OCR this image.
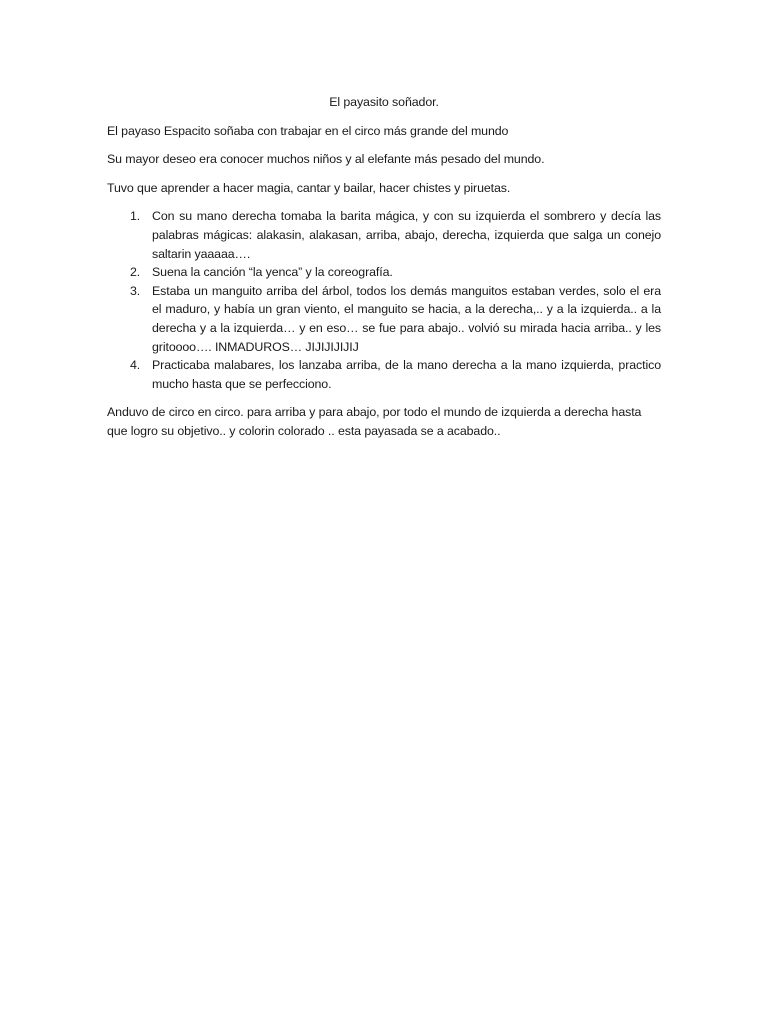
El payasito soñador.

El payaso Espacito soñaba con trabajar en el circo más grande del mundo

Su mayor deseo era conocer muchos niños y al elefante más pesado del mundo.

Tuvo que aprender a hacer magia, cantar y bailar, hacer chistes y piruetas.

1. Con su mano derecha tomaba la barita mágica, y con su izquierda el sombrero y decía las palabras mágicas: alakasin, alakasan, arriba, abajo, derecha, izquierda que salga un conejo saltarin yaaaaa….
2. Suena la canción “la yenca” y la coreografía.
3. Estaba un manguito arriba del árbol, todos los demás manguitos estaban verdes, solo el era el maduro, y había un gran viento, el manguito se hacia, a la derecha,.. y a la izquierda.. a la derecha y a la izquierda… y en eso… se fue para abajo.. volvió su mirada hacia arriba.. y les gritoooo…. INMADUROS… JIJIJIJIJIJ
4. Practicaba malabares, los lanzaba arriba, de la mano derecha a la mano izquierda, practico mucho hasta que se perfecciono.

Anduvo de circo en circo. para arriba y para abajo, por todo el mundo de izquierda a derecha hasta que logro su objetivo.. y colorin colorado .. esta payasada se a acabado..
